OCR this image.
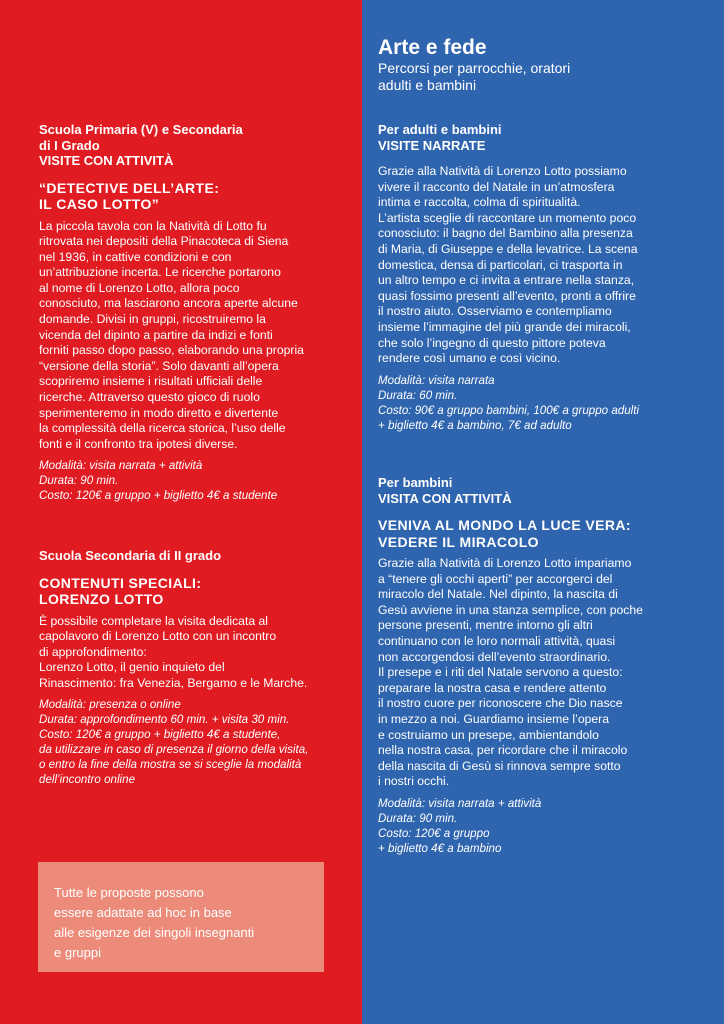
Arte e fede

Percorsi per parrocchie, oratori
adulti e bambini

Scuola Primaria (V) e Secondaria
di I Grado

VISITE CON ATTIVITÀ

“DETECTIVE DELL’ARTE:
IL CASO LOTTO”

La piccola tavola con la Natività di Lotto fu
ritrovata nei depositi della Pinacoteca di Siena
nel 1936, in cattive condizioni e con
un’attribuzione incerta. Le ricerche portarono
al nome di Lorenzo Lotto, allora poco
conosciuto, ma lasciarono ancora aperte alcune
domande. Divisi in gruppi, ricostruiremo la
vicenda del dipinto a partire da indizi e fonti
forniti passo dopo passo, elaborando una propria
“versione della storia”. Solo davanti all’opera
scopriremo insieme i risultati ufficiali delle
ricerche. Attraverso questo gioco di ruolo
sperimenteremo in modo diretto e divertente
la complessità della ricerca storica, l’uso delle
fonti e il confronto tra ipotesi diverse.

Modalità: visita narrata + attività
Durata: 90 min.
Costo: 120€ a gruppo + biglietto 4€ a studente

Scuola Secondaria di II grado

CONTENUTI SPECIALI:
LORENZO LOTTO

È possibile completare la visita dedicata al
capolavoro di Lorenzo Lotto con un incontro
di approfondimento:
Lorenzo Lotto, il genio inquieto del
Rinascimento: fra Venezia, Bergamo e le Marche.

Modalità: presenza o online
Durata: approfondimento 60 min. + visita 30 min.
Costo: 120€ a gruppo + biglietto 4€ a studente,
da utilizzare in caso di presenza il giorno della visita,
o entro la fine della mostra se si sceglie la modalità
dell’incontro online

Tutte le proposte possono
essere adattate ad hoc in base
alle esigenze dei singoli insegnanti
e gruppi

Per adulti e bambini

VISITE NARRATE

Grazie alla Natività di Lorenzo Lotto possiamo
vivere il racconto del Natale in un’atmosfera
intima e raccolta, colma di spiritualità.
L’artista sceglie di raccontare un momento poco
conosciuto: il bagno del Bambino alla presenza
di Maria, di Giuseppe e della levatrice. La scena
domestica, densa di particolari, ci trasporta in
un altro tempo e ci invita a entrare nella stanza,
quasi fossimo presenti all’evento, pronti a offrire
il nostro aiuto. Osserviamo e contempliamo
insieme l’immagine del più grande dei miracoli,
che solo l’ingegno di questo pittore poteva
rendere così umano e così vicino.

Modalità: visita narrata
Durata: 60 min.
Costo: 90€ a gruppo bambini, 100€ a gruppo adulti
+ biglietto 4€ a bambino, 7€ ad adulto

Per bambini

VISITA CON ATTIVITÀ

VENIVA AL MONDO LA LUCE VERA:
VEDERE IL MIRACOLO

Grazie alla Natività di Lorenzo Lotto impariamo
a “tenere gli occhi aperti” per accorgerci del
miracolo del Natale. Nel dipinto, la nascita di
Gesù avviene in una stanza semplice, con poche
persone presenti, mentre intorno gli altri
continuano con le loro normali attività, quasi
non accorgendosi dell’evento straordinario.
Il presepe e i riti del Natale servono a questo:
preparare la nostra casa e rendere attento
il nostro cuore per riconoscere che Dio nasce
in mezzo a noi. Guardiamo insieme l’opera
e costruiamo un presepe, ambientandolo
nella nostra casa, per ricordare che il miracolo
della nascita di Gesù si rinnova sempre sotto
i nostri occhi.

Modalità: visita narrata + attività
Durata: 90 min.
Costo: 120€ a gruppo
+ biglietto 4€ a bambino
